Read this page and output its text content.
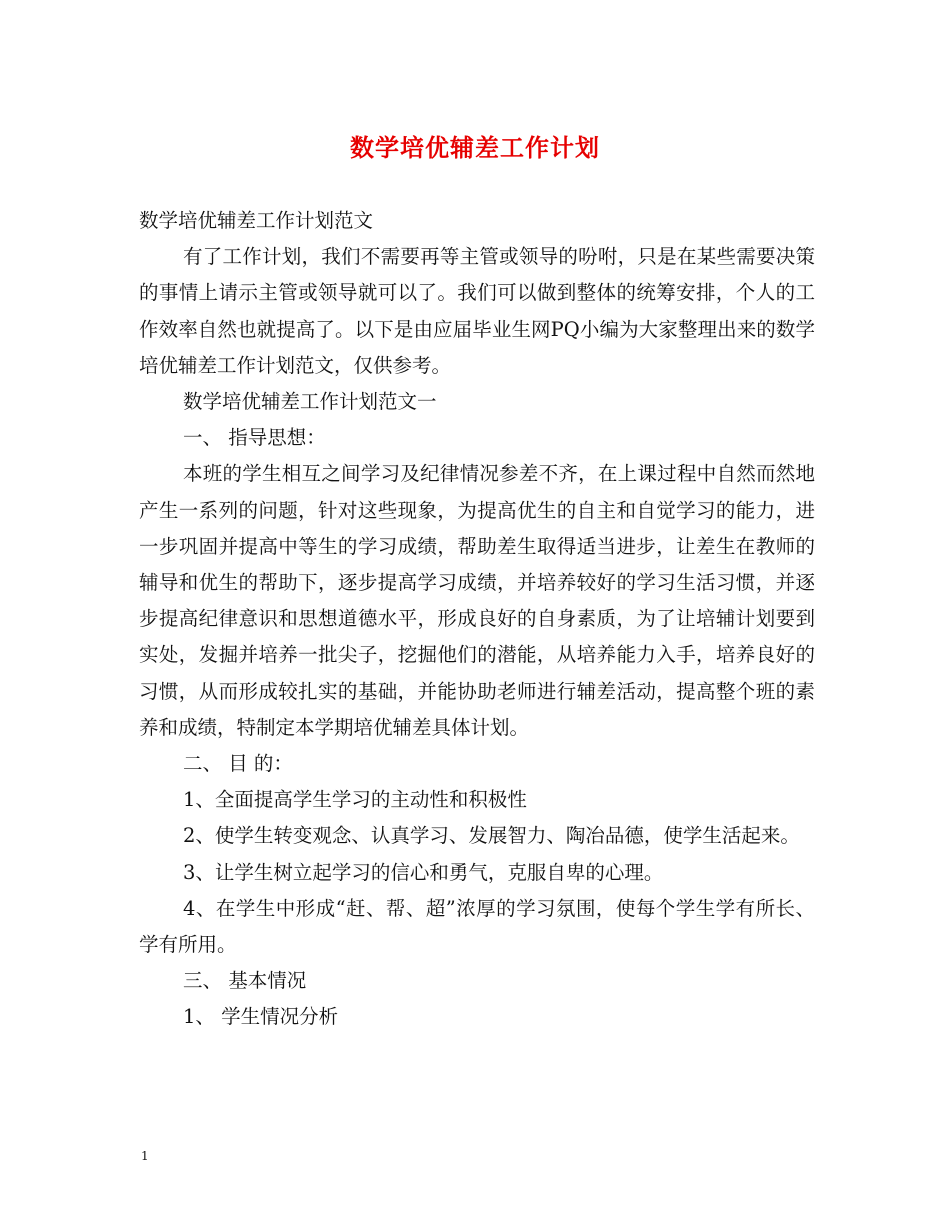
数学培优辅差工作计划

数学培优辅差工作计划范文

有了工作计划，我们不需要再等主管或领导的吩咐，只是在某些需要决策的事情上请示主管或领导就可以了。我们可以做到整体的统筹安排，个人的工作效率自然也就提高了。以下是由应届毕业生网PQ小编为大家整理出来的数学培优辅差工作计划范文，仅供参考。

数学培优辅差工作计划范文一

一、 指导思想：

本班的学生相互之间学习及纪律情况参差不齐，在上课过程中自然而然地产生一系列的问题，针对这些现象，为提高优生的自主和自觉学习的能力，进一步巩固并提高中等生的学习成绩，帮助差生取得适当进步，让差生在教师的辅导和优生的帮助下，逐步提高学习成绩，并培养较好的学习生活习惯，并逐步提高纪律意识和思想道德水平，形成良好的自身素质，为了让培辅计划要到实处，发掘并培养一批尖子，挖掘他们的潜能，从培养能力入手，培养良好的习惯，从而形成较扎实的基础，并能协助老师进行辅差活动，提高整个班的素养和成绩，特制定本学期培优辅差具体计划。

二、 目 的：

1、全面提高学生学习的主动性和积极性

2、使学生转变观念、认真学习、发展智力、陶冶品德，使学生活起来。

3、让学生树立起学习的信心和勇气，克服自卑的心理。

4、在学生中形成“赶、帮、超”浓厚的学习氛围，使每个学生学有所长、学有所用。

三、 基本情况

1、 学生情况分析

1
